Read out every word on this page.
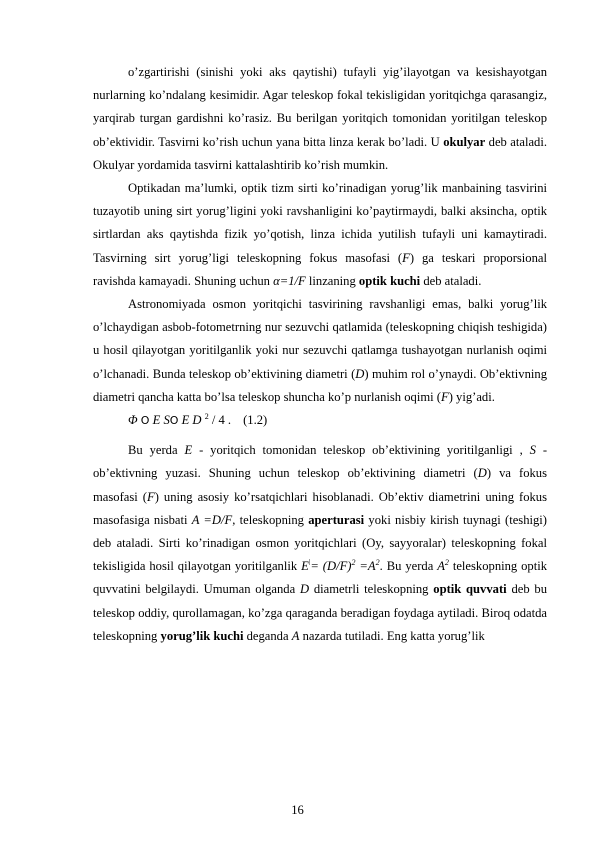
o’zgartirishi (sinishi yoki aks qaytishi) tufayli yig’ilayotgan va kesishayotgan nurlarning ko’ndalang kesimidir. Agar teleskop fokal tekisligidan yoritqichga qarasangiz, yarqirab turgan gardishni ko’rasiz. Bu berilgan yoritqich tomonidan yoritilgan teleskop ob’ektividir. Tasvirni ko’rish uchun yana bitta linza kerak bo’ladi. U okulyar deb ataladi. Okulyar yordamida tasvirni kattalashtirib ko’rish mumkin.

Optikadan ma’lumki, optik tizm sirti ko’rinadigan yorug’lik manbaining tasvirini tuzayotib uning sirt yorug’ligini yoki ravshanligini ko’paytirmaydi, balki aksincha, optik sirtlardan aks qaytishda fizik yo’qotish, linza ichida yutilish tufayli uni kamaytiradi. Tasvirning sirt yorug’ligi teleskopning fokus masofasi (F) ga teskari proporsional ravishda kamayadi. Shuning uchun α=1/F linzaning optik kuchi deb ataladi.

Astronomiyada osmon yoritqichi tasvirining ravshanligi emas, balki yorug’lik o’lchaydigan asbob-fotometrning nur sezuvchi qatlamida (teleskopning chiqish teshigida) u hosil qilayotgan yoritilganlik yoki nur sezuvchi qatlamga tushayotgan nurlanish oqimi o’lchanadi. Bunda teleskop ob’ektivining diametri (D) muhim rol o’ynaydi. Ob’ektivning diametri qancha katta bo’lsa teleskop shuncha ko’p nurlanish oqimi (F) yig’adi.

Φ Ο E SΟ E D $^2$ / 4 . (1.2)

Bu yerda E - yoritqich tomonidan teleskop ob’ektivining yoritilganligi , S - ob’ektivning yuzasi. Shuning uchun teleskop ob’ektivining diametri (D) va fokus masofasi (F) uning asosiy ko’rsatqichlari hisoblanadi. Ob’ektiv diametrini uning fokus masofasiga nisbati A =D/F, teleskopning aperturasi yoki nisbiy kirish tuynagi (teshigi) deb ataladi. Sirti ko’rinadigan osmon yoritqichlari (Oy, sayyoralar) teleskopning fokal tekisligida hosil qilayotgan yoritilganlik $E^ǀ= (D/F)^2 =A^2$. Bu yerda $A^2$ teleskopning optik quvvatini belgilaydi. Umuman olganda D diametrli teleskopning optik quvvati deb bu teleskop oddiy, qurollamagan, ko’zga qaraganda beradigan foydaga aytiladi. Biroq odatda teleskopning yorug’lik kuchi deganda A nazarda tutiladi. Eng katta yorug’lik

16
